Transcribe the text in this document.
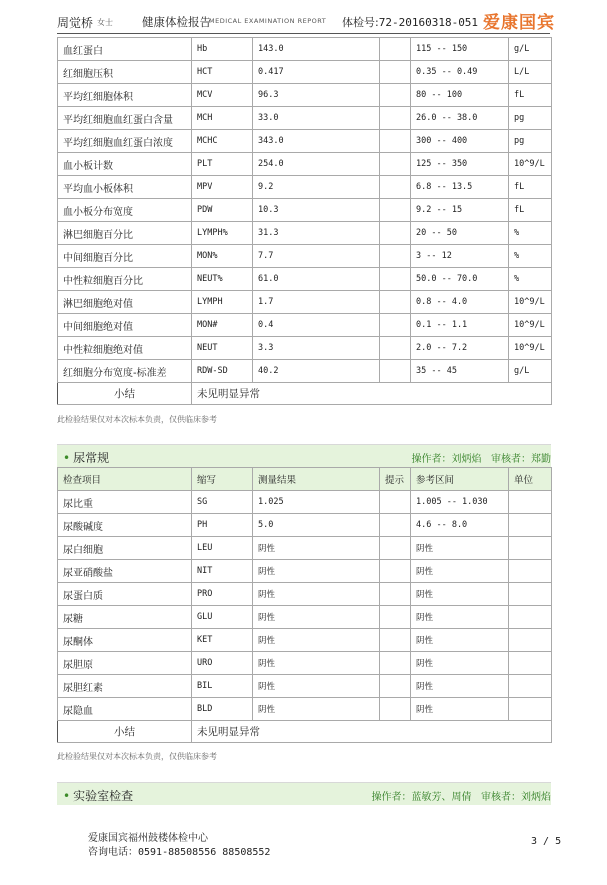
周觉桥 女士	健康体检报告
MEDICAL EXAMINATION REPORT 体检号:72-20160318-051 爱康国宾
血红蛋白	Hb	143.0		115 -- 150	g/L
红细胞压积	HCT	0.417		0.35 -- 0.49	L/L
平均红细胞体积	MCV	96.3		80 -- 100	fL
平均红细胞血红蛋白含量	MCH	33.0		26.0 -- 38.0	pg
平均红细胞血红蛋白浓度	MCHC	343.0		300 -- 400	pg
血小板计数	PLT	254.0		125 -- 350	10^9/L
平均血小板体积	MPV	9.2		6.8 -- 13.5	fL
血小板分布宽度	PDW	10.3		9.2 -- 15	fL
淋巴细胞百分比	LYMPH%	31.3		20 -- 50	%
中间细胞百分比	MON%	7.7		3 -- 12	%
中性粒细胞百分比	NEUT%	61.0		50.0 -- 70.0	%
淋巴细胞绝对值	LYMPH	1.7		0.8 -- 4.0	10^9/L
中间细胞绝对值	MON#	0.4		0.1 -- 1.1	10^9/L
中性粒细胞绝对值	NEUT	3.3		2.0 -- 7.2	10^9/L
红细胞分布宽度-标准差	RDW-SD	40.2		35 -- 45	g/L
小结	未见明显异常				
此检验结果仅对本次标本负责，仅供临床参考
• 尿常规	操作者：刘炳焰 审核者：郑勤
检查项目	缩写	测量结果	提示	参考区间	单位
尿比重	SG	1.025		1.005 -- 1.030	
尿酸碱度	PH	5.0		4.6 -- 8.0	
尿白细胞	LEU	阴性		阴性	
尿亚硝酸盐	NIT	阴性		阴性	
尿蛋白质	PRO	阴性		阴性	
尿糖	GLU	阴性		阴性	
尿酮体	KET	阴性		阴性	
尿胆原	URO	阴性		阴性	
尿胆红素	BIL	阴性		阴性	
尿隐血	BLD	阴性		阴性	
小结	未见明显异常				
此检验结果仅对本次标本负责，仅供临床参考
• 实验室检查	操作者：蓝敏芳、周倩 审核者：刘炳焰
爱康国宾福州鼓楼体检中心
咨询电话：0591-88508556 88508552
3 / 5
